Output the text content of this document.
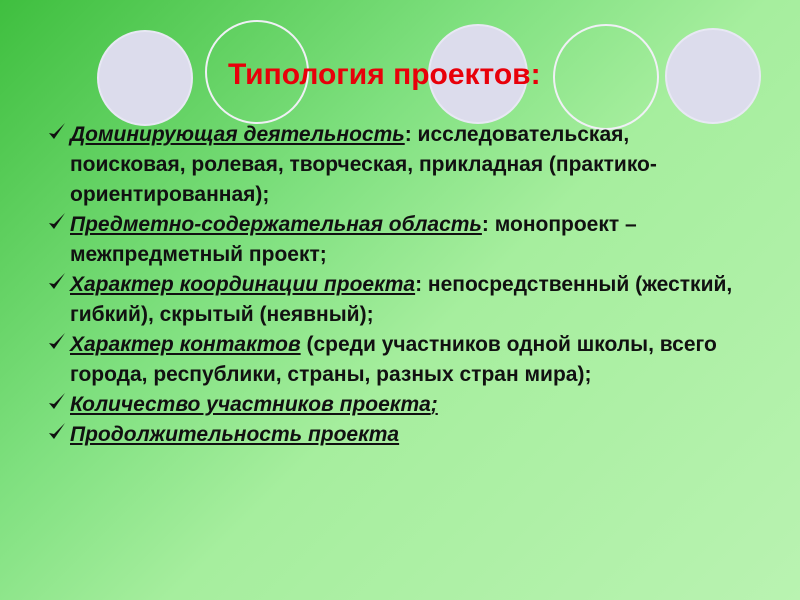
Типология проектов:
Доминирующая деятельность: исследовательская, поисковая, ролевая, творческая, прикладная (практико-ориентированная);
Предметно-содержательная область: монопроект – межпредметный проект;
Характер координации проекта: непосредственный (жесткий, гибкий), скрытый (неявный);
Характер контактов (среди участников одной школы, всего города, республики, страны, разных стран мира);
Количество участников проекта;
Продолжительность проекта
